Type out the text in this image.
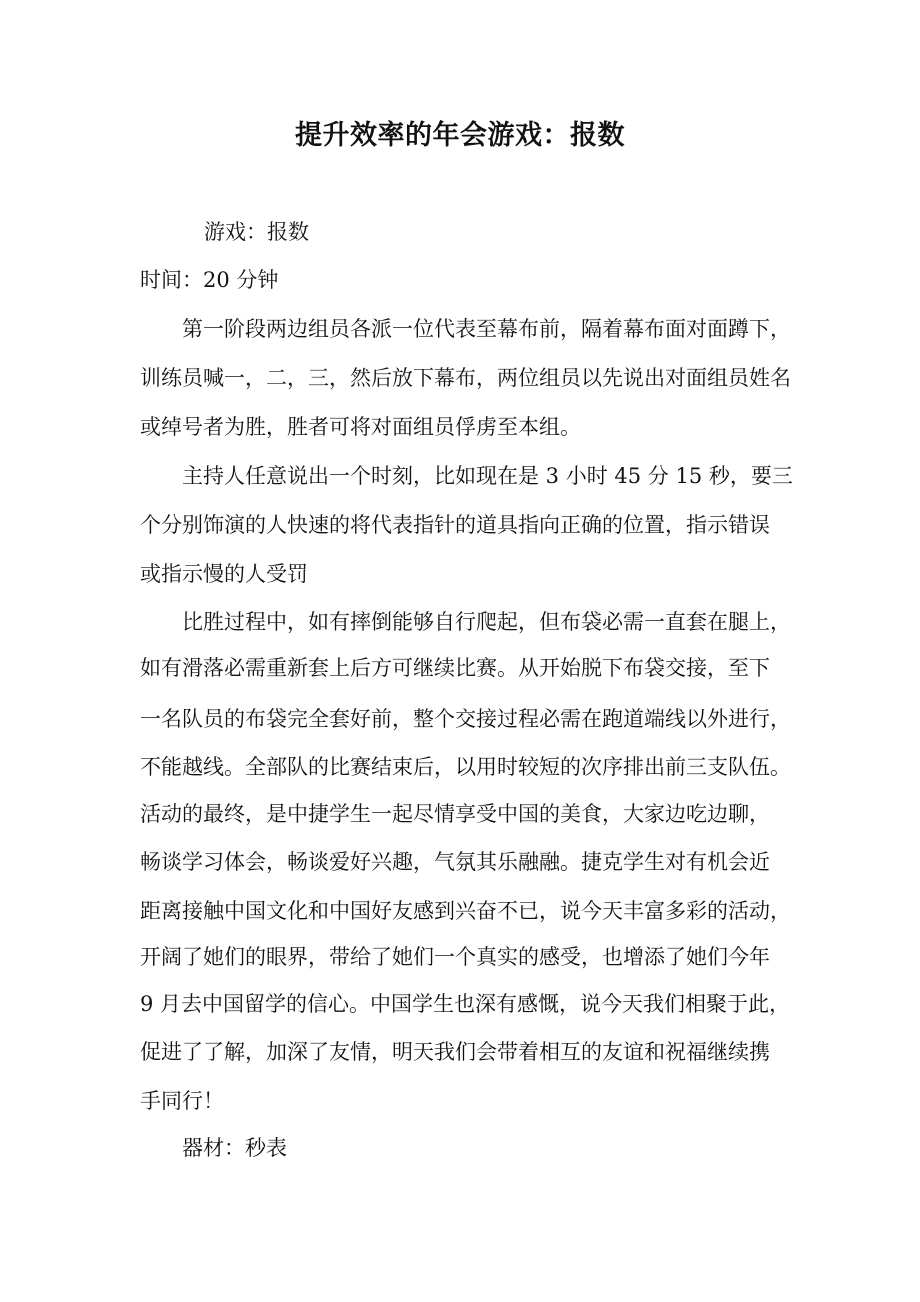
提升效率的年会游戏：报数
游戏：报数
时间：20 分钟
第一阶段两边组员各派一位代表至幕布前，隔着幕布面对面蹲下，
训练员喊一，二，三，然后放下幕布，两位组员以先说出对面组员姓名
或绰号者为胜，胜者可将对面组员俘虏至本组。
主持人任意说出一个时刻，比如现在是 3 小时 45 分 15 秒，要三
个分别饰演的人快速的将代表指针的道具指向正确的位置，指示错误
或指示慢的人受罚
比胜过程中，如有摔倒能够自行爬起，但布袋必需一直套在腿上，
如有滑落必需重新套上后方可继续比赛。从开始脱下布袋交接，至下
一名队员的布袋完全套好前，整个交接过程必需在跑道端线以外进行，
不能越线。全部队的比赛结束后，以用时较短的次序排出前三支队伍。
活动的最终，是中捷学生一起尽情享受中国的美食，大家边吃边聊，
畅谈学习体会，畅谈爱好兴趣，气氛其乐融融。捷克学生对有机会近
距离接触中国文化和中国好友感到兴奋不已，说今天丰富多彩的活动，
开阔了她们的眼界，带给了她们一个真实的感受，也增添了她们今年
9 月去中国留学的信心。中国学生也深有感慨，说今天我们相聚于此，
促进了了解，加深了友情，明天我们会带着相互的友谊和祝福继续携
手同行！
器材：秒表
